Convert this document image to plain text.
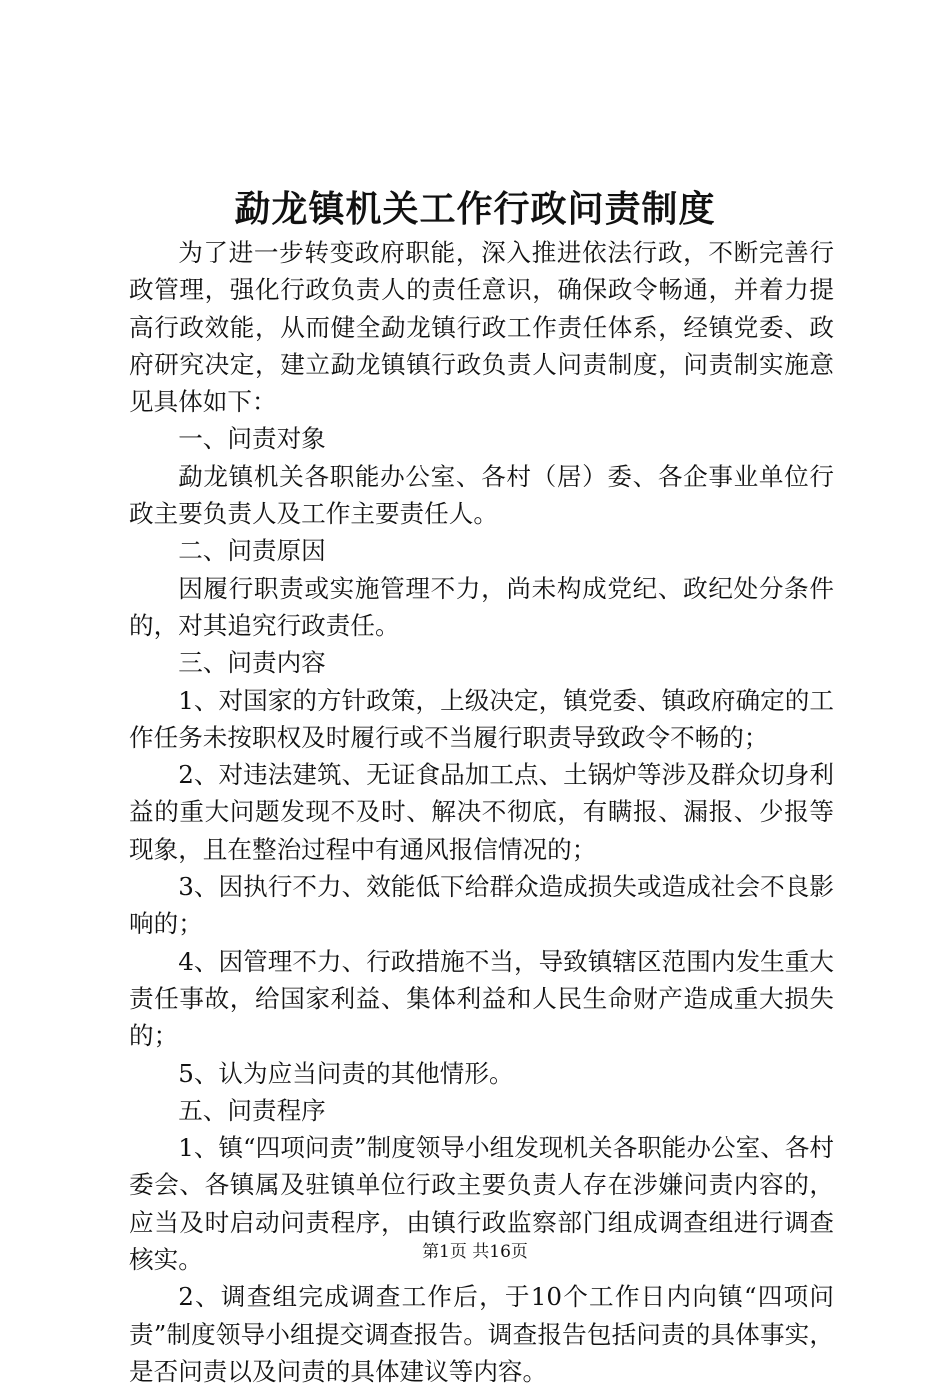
勐龙镇机关工作行政问责制度

为了进一步转变政府职能，深入推进依法行政，不断完善行政管理，强化行政负责人的责任意识，确保政令畅通，并着力提高行政效能，从而健全勐龙镇行政工作责任体系，经镇党委、政府研究决定，建立勐龙镇镇行政负责人问责制度，问责制实施意见具体如下：

一、问责对象

勐龙镇机关各职能办公室、各村（居）委、各企事业单位行政主要负责人及工作主要责任人。

二、问责原因

因履行职责或实施管理不力，尚未构成党纪、政纪处分条件的，对其追究行政责任。

三、问责内容

1、对国家的方针政策，上级决定，镇党委、镇政府确定的工作任务未按职权及时履行或不当履行职责导致政令不畅的；

2、对违法建筑、无证食品加工点、土锅炉等涉及群众切身利益的重大问题发现不及时、解决不彻底，有瞒报、漏报、少报等现象，且在整治过程中有通风报信情况的；

3、因执行不力、效能低下给群众造成损失或造成社会不良影响的；

4、因管理不力、行政措施不当，导致镇辖区范围内发生重大责任事故，给国家利益、集体利益和人民生命财产造成重大损失的；

5、认为应当问责的其他情形。

五、问责程序

1、镇“四项问责”制度领导小组发现机关各职能办公室、各村委会、各镇属及驻镇单位行政主要负责人存在涉嫌问责内容的，应当及时启动问责程序，由镇行政监察部门组成调查组进行调查核实。

2、调查组完成调查工作后，于10个工作日内向镇“四项问责”制度领导小组提交调查报告。调查报告包括问责的具体事实，是否问责以及问责的具体建议等内容。

第1页 共16页
